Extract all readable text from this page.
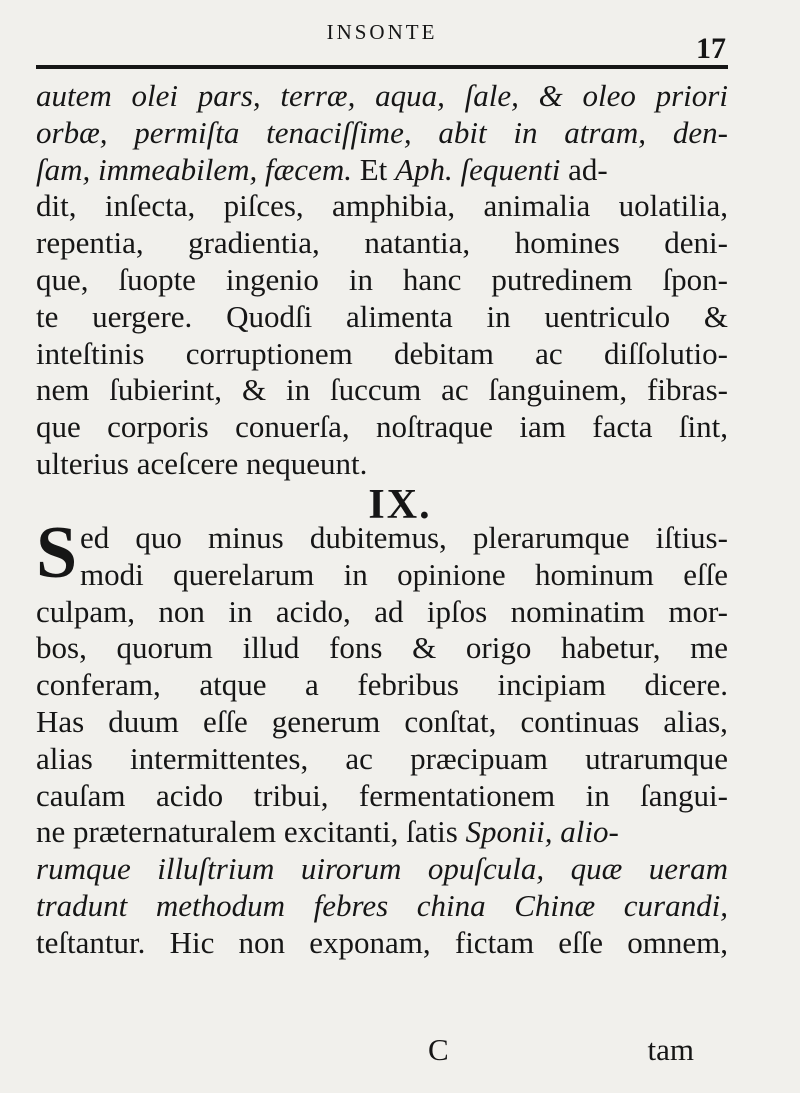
INSONTE	17
autem olei pars, terræ, aqua, ſale, & oleo priori
orbæ, permiſta tenaciſſime, abit in atram, den-
ſam, immeabilem, fæcem. Et Aph. ſequenti ad-
dit, inſecta, piſces, amphibia, animalia uolatilia,
repentia, gradientia, natantia, homines deni-
que, ſuopte ingenio in hanc putredinem ſpon-
te uergere. Quodſi alimenta in uentriculo &
inteſtinis corruptionem debitam ac diſſolutio-
nem ſubierint, & in ſuccum ac ſanguinem, fibras-
que corporis conuerſa, noſtraque iam facta ſint,
ulterius aceſcere nequeunt.
IX.
S ed quo minus dubitemus, plerarumque iſtius-
modi querelarum in opinione hominum eſſe
culpam, non in acido, ad ipſos nominatim mor-
bos, quorum illud fons & origo habetur, me
conferam, atque a febribus incipiam dicere.
Has duum eſſe generum conſtat, continuas alias,
alias intermittentes, ac præcipuam utrarumque
cauſam acido tribui, fermentationem in ſangui-
ne præternaturalem excitanti, ſatis Sponii, alio-
rumque illuſtrium uirorum opuſcula, quæ ueram
tradunt methodum febres china Chinæ curandi,
teſtantur. Hic non exponam, fictam eſſe omnem,
C	tam
